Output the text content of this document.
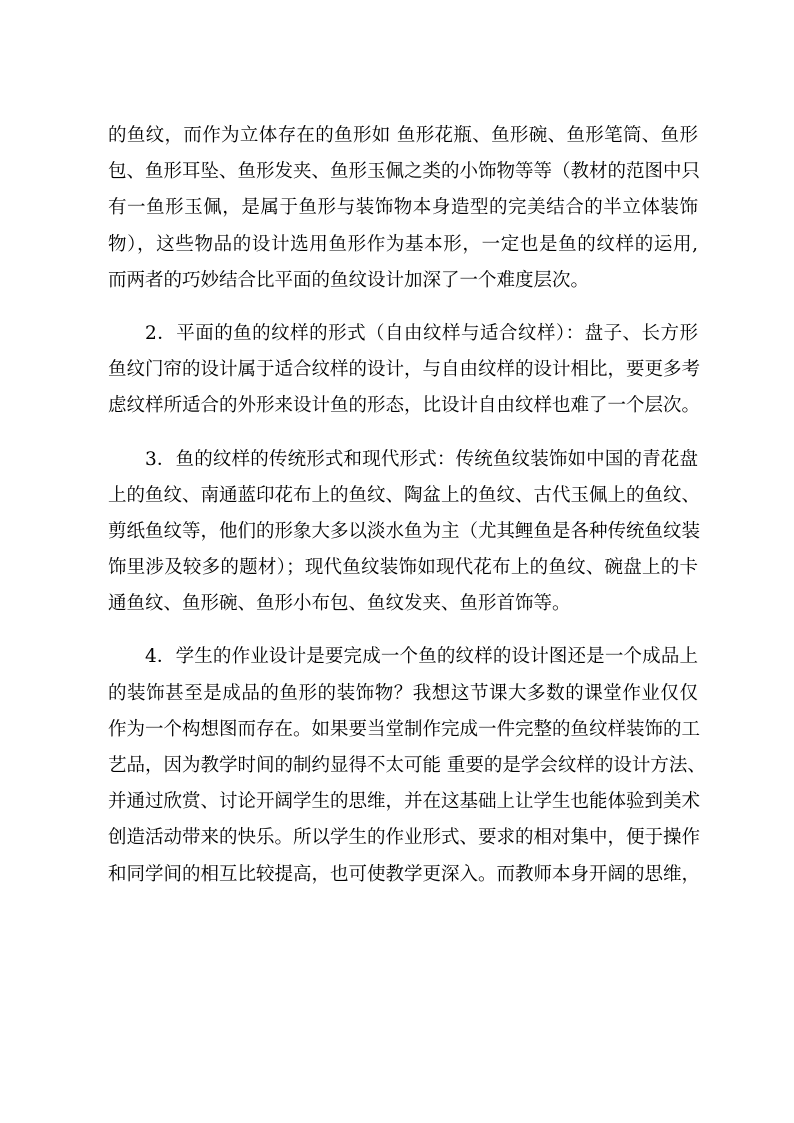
的鱼纹，而作为立体存在的鱼形如 鱼形花瓶、鱼形碗、鱼形笔筒、鱼形
包、鱼形耳坠、鱼形发夹、鱼形玉佩之类的小饰物等等（教材的范图中只
有一鱼形玉佩，是属于鱼形与装饰物本身造型的完美结合的半立体装饰
物），这些物品的设计选用鱼形作为基本形，一定也是鱼的纹样的运用,
而两者的巧妙结合比平面的鱼纹设计加深了一个难度层次。
2．平面的鱼的纹样的形式（自由纹样与适合纹样）：盘子、长方形
鱼纹门帘的设计属于适合纹样的设计，与自由纹样的设计相比，要更多考
虑纹样所适合的外形来设计鱼的形态，比设计自由纹样也难了一个层次。
3．鱼的纹样的传统形式和现代形式：传统鱼纹装饰如中国的青花盘
上的鱼纹、南通蓝印花布上的鱼纹、陶盆上的鱼纹、古代玉佩上的鱼纹、
剪纸鱼纹等，他们的形象大多以淡水鱼为主（尤其鲤鱼是各种传统鱼纹装
饰里涉及较多的题材）；现代鱼纹装饰如现代花布上的鱼纹、碗盘上的卡
通鱼纹、鱼形碗、鱼形小布包、鱼纹发夹、鱼形首饰等。
4．学生的作业设计是要完成一个鱼的纹样的设计图还是一个成品上
的装饰甚至是成品的鱼形的装饰物？我想这节课大多数的课堂作业仅仅
作为一个构想图而存在。如果要当堂制作完成一件完整的鱼纹样装饰的工
艺品，因为教学时间的制约显得不太可能 重要的是学会纹样的设计方法、
并通过欣赏、讨论开阔学生的思维，并在这基础上让学生也能体验到美术
创造活动带来的快乐。所以学生的作业形式、要求的相对集中，便于操作
和同学间的相互比较提高，也可使教学更深入。而教师本身开阔的思维，
